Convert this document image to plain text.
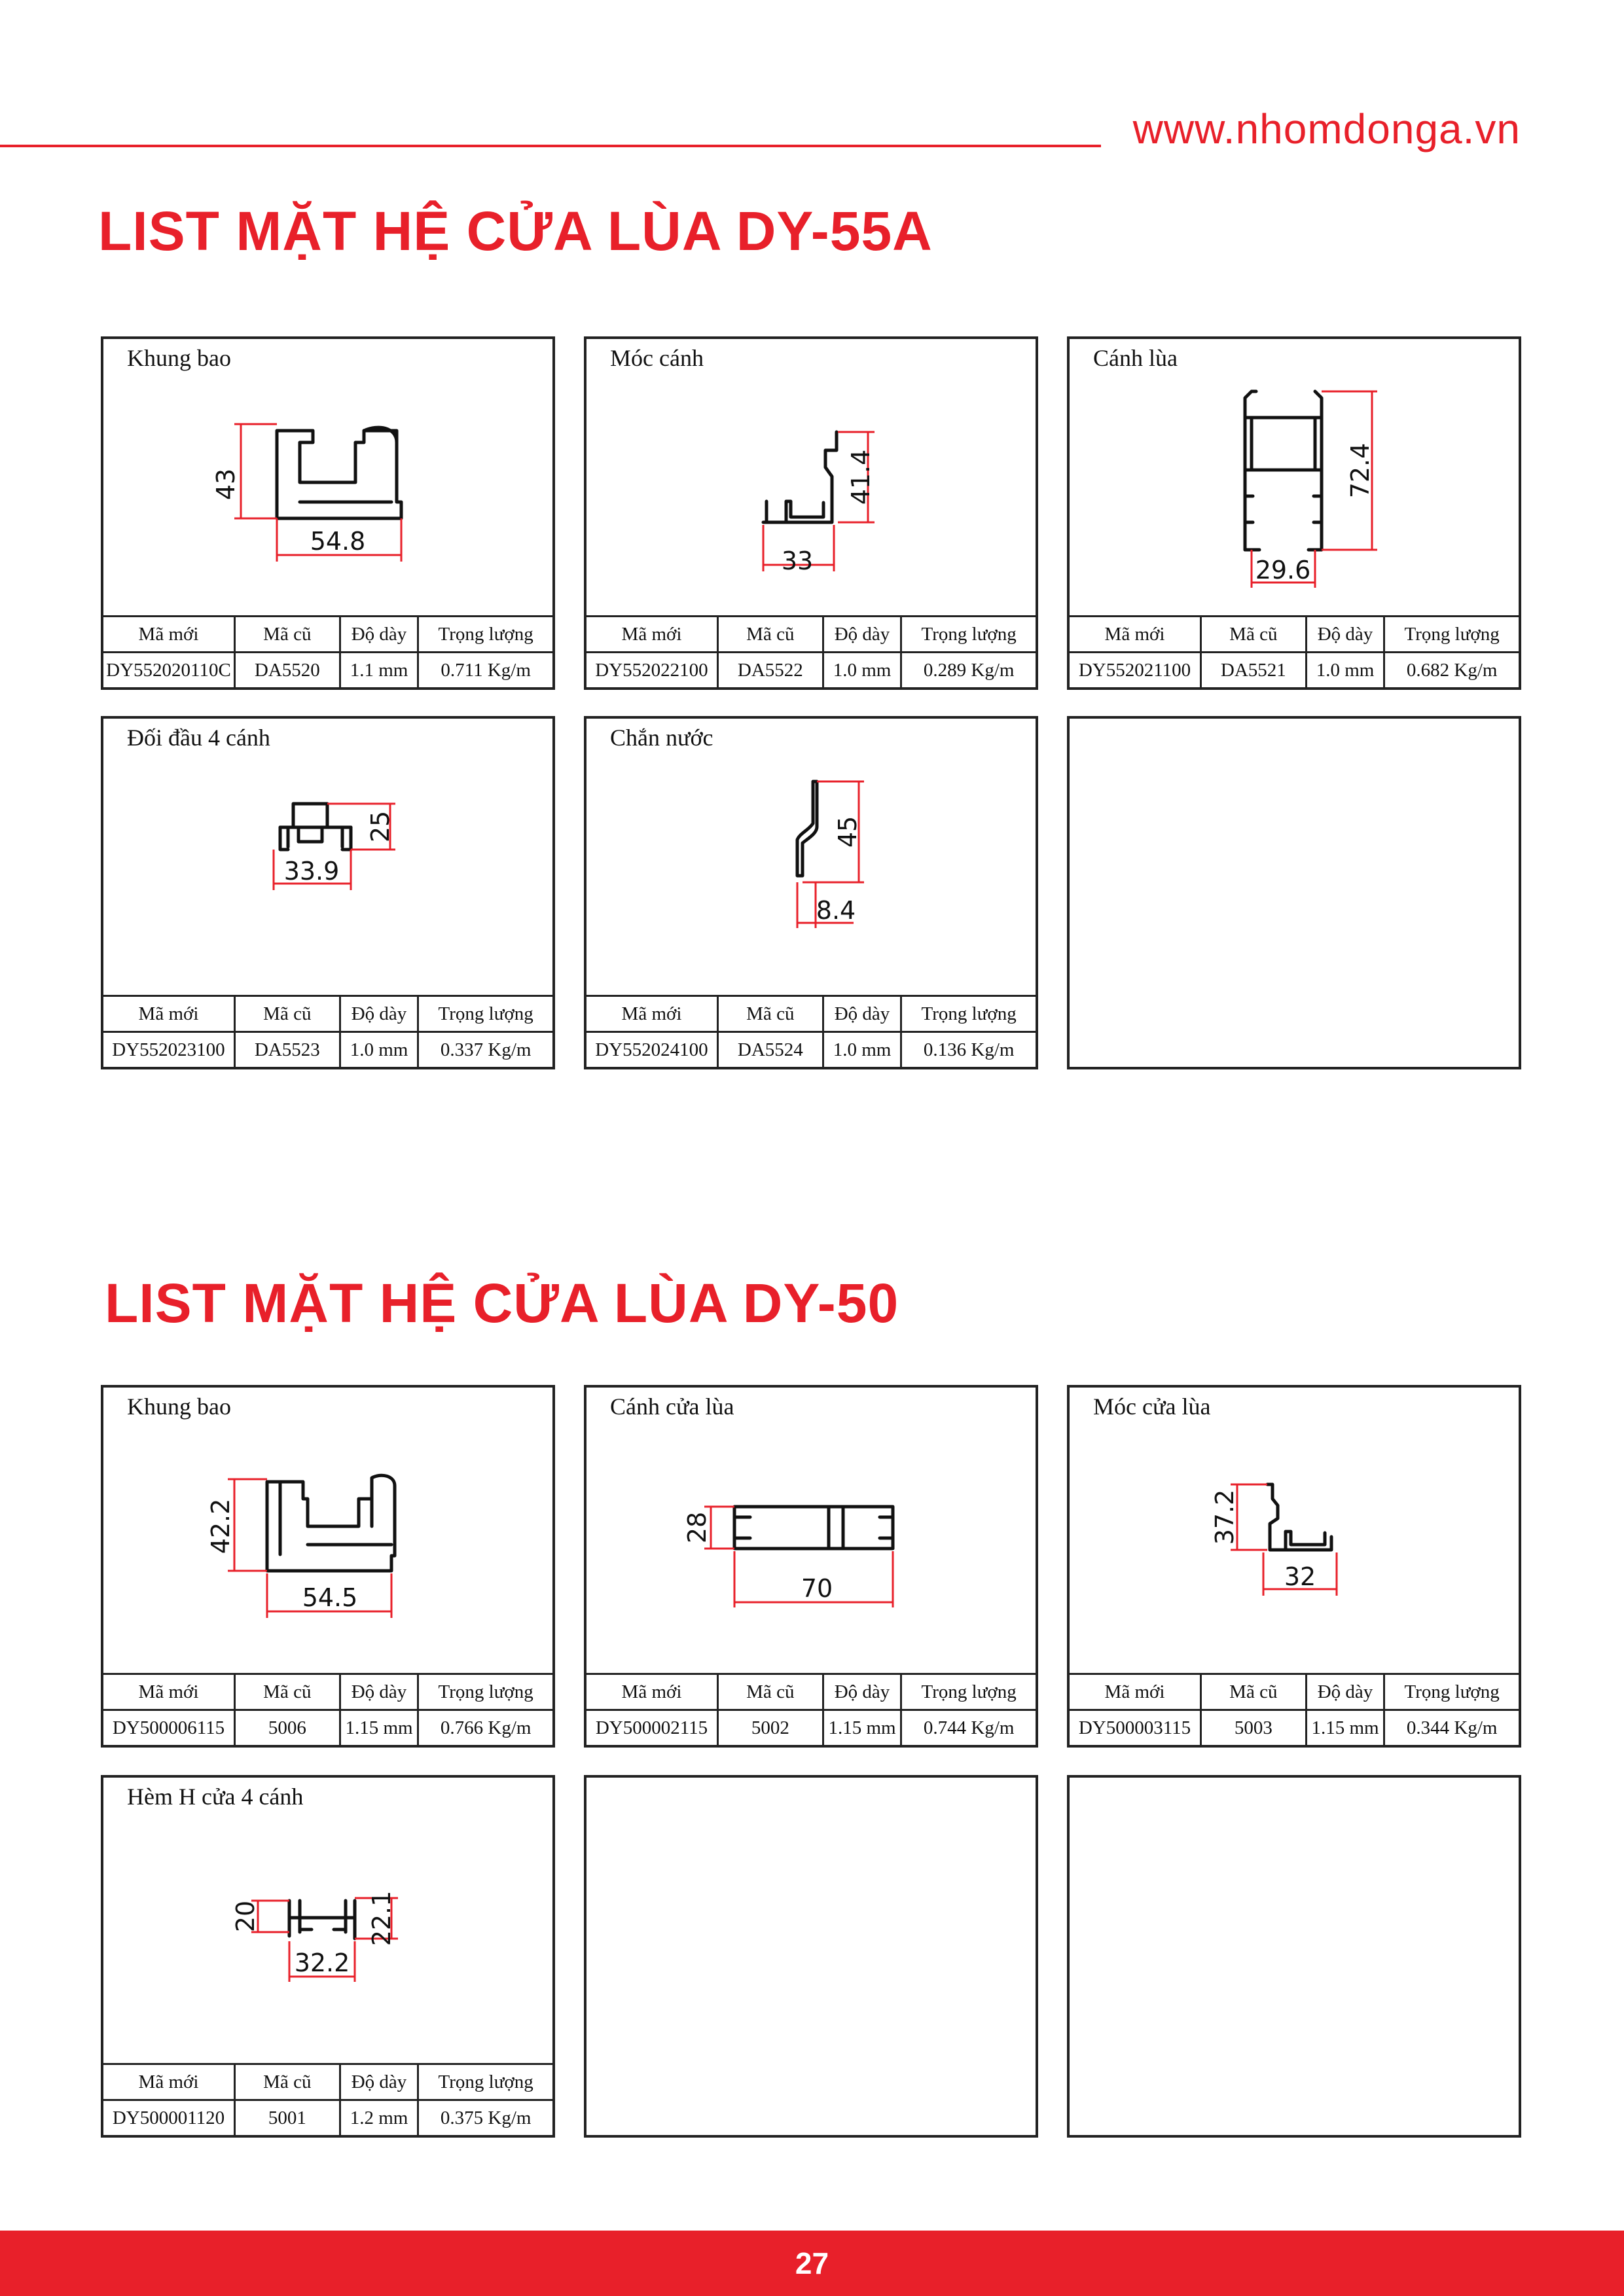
www.nhomdonga.vn
LIST MẶT HỆ CỬA LÙA DY-55A
Khung bao
43
54.8
Mã mới	Mã cũ	Độ dày	Trọng lượng
DY552020110C	DA5520	1.1 mm	0.711 Kg/m
Móc cánh
41.4
33
Mã mới	Mã cũ	Độ dày	Trọng lượng
DY552022100	DA5522	1.0 mm	0.289 Kg/m
Cánh lùa
72.4
29.6
Mã mới	Mã cũ	Độ dày	Trọng lượng
DY552021100	DA5521	1.0 mm	0.682 Kg/m
Đối đầu 4 cánh
25
33.9
Mã mới	Mã cũ	Độ dày	Trọng lượng
DY552023100	DA5523	1.0 mm	0.337 Kg/m
Chắn nước
45
8.4
Mã mới	Mã cũ	Độ dày	Trọng lượng
DY552024100	DA5524	1.0 mm	0.136 Kg/m
LIST MẶT HỆ CỬA LÙA DY-50
Khung bao
42.2
54.5
Mã mới	Mã cũ	Độ dày	Trọng lượng
DY500006115	5006	1.15 mm	0.766 Kg/m
Cánh cửa lùa
28
70
Mã mới	Mã cũ	Độ dày	Trọng lượng
DY500002115	5002	1.15 mm	0.744 Kg/m
Móc cửa lùa
37.2
32
Mã mới	Mã cũ	Độ dày	Trọng lượng
DY500003115	5003	1.15 mm	0.344 Kg/m
Hèm H cửa 4 cánh
20	22.1
32.2
Mã mới	Mã cũ	Độ dày	Trọng lượng
DY500001120	5001	1.2 mm	0.375 Kg/m
27
